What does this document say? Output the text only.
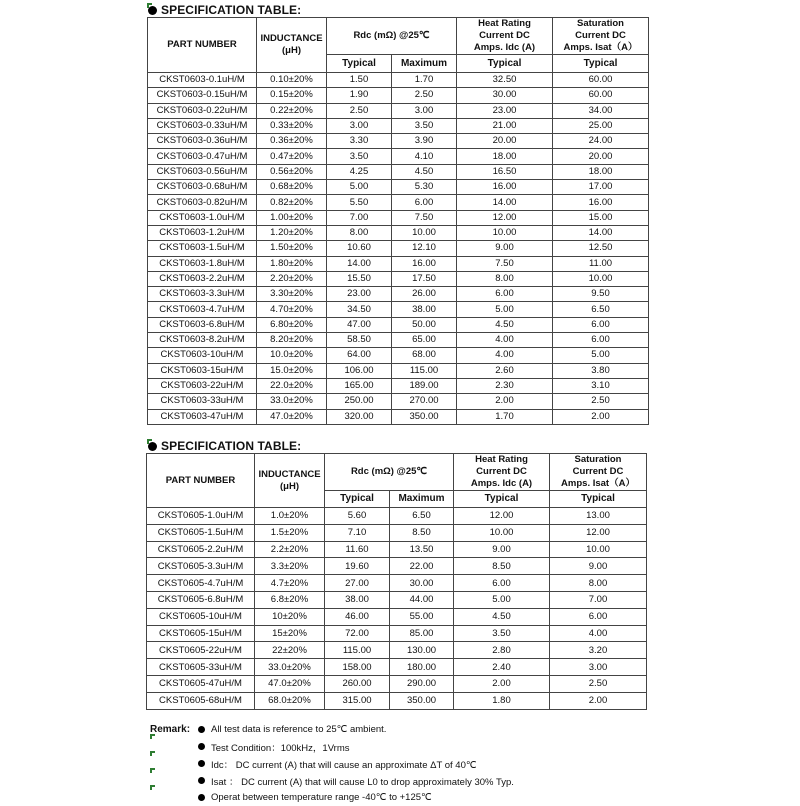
SPECIFICATION TABLE:
PART NUMBER	INDUCTANCE
(μH)	Rdc (mΩ) @25℃		Heat Rating
Current DC
Amps. Idc (A)	Saturation
Current DC
Amps. Isat（A）
		Typical	Maximum	Typical	Typical
CKST0603-0.1uH/M	0.10±20%	1.50	1.70	32.50	60.00
CKST0603-0.15uH/M	0.15±20%	1.90	2.50	30.00	60.00
CKST0603-0.22uH/M	0.22±20%	2.50	3.00	23.00	34.00
CKST0603-0.33uH/M	0.33±20%	3.00	3.50	21.00	25.00
CKST0603-0.36uH/M	0.36±20%	3.30	3.90	20.00	24.00
CKST0603-0.47uH/M	0.47±20%	3.50	4.10	18.00	20.00
CKST0603-0.56uH/M	0.56±20%	4.25	4.50	16.50	18.00
CKST0603-0.68uH/M	0.68±20%	5.00	5.30	16.00	17.00
CKST0603-0.82uH/M	0.82±20%	5.50	6.00	14.00	16.00
CKST0603-1.0uH/M	1.00±20%	7.00	7.50	12.00	15.00
CKST0603-1.2uH/M	1.20±20%	8.00	10.00	10.00	14.00
CKST0603-1.5uH/M	1.50±20%	10.60	12.10	9.00	12.50
CKST0603-1.8uH/M	1.80±20%	14.00	16.00	7.50	11.00
CKST0603-2.2uH/M	2.20±20%	15.50	17.50	8.00	10.00
CKST0603-3.3uH/M	3.30±20%	23.00	26.00	6.00	9.50
CKST0603-4.7uH/M	4.70±20%	34.50	38.00	5.00	6.50
CKST0603-6.8uH/M	6.80±20%	47.00	50.00	4.50	6.00
CKST0603-8.2uH/M	8.20±20%	58.50	65.00	4.00	6.00
CKST0603-10uH/M	10.0±20%	64.00	68.00	4.00	5.00
CKST0603-15uH/M	15.0±20%	106.00	115.00	2.60	3.80
CKST0603-22uH/M	22.0±20%	165.00	189.00	2.30	3.10
CKST0603-33uH/M	33.0±20%	250.00	270.00	2.00	2.50
CKST0603-47uH/M	47.0±20%	320.00	350.00	1.70	2.00
SPECIFICATION TABLE:
PART NUMBER	INDUCTANCE
(μH)	Rdc (mΩ) @25℃		Heat Rating
Current DC
Amps. Idc (A)	Saturation
Current DC
Amps. Isat（A）
		Typical	Maximum	Typical	Typical
CKST0605-1.0uH/M	1.0±20%	5.60	6.50	12.00	13.00
CKST0605-1.5uH/M	1.5±20%	7.10	8.50	10.00	12.00
CKST0605-2.2uH/M	2.2±20%	11.60	13.50	9.00	10.00
CKST0605-3.3uH/M	3.3±20%	19.60	22.00	8.50	9.00
CKST0605-4.7uH/M	4.7±20%	27.00	30.00	6.00	8.00
CKST0605-6.8uH/M	6.8±20%	38.00	44.00	5.00	7.00
CKST0605-10uH/M	10±20%	46.00	55.00	4.50	6.00
CKST0605-15uH/M	15±20%	72.00	85.00	3.50	4.00
CKST0605-22uH/M	22±20%	115.00	130.00	2.80	3.20
CKST0605-33uH/M	33.0±20%	158.00	180.00	2.40	3.00
CKST0605-47uH/M	47.0±20%	260.00	290.00	2.00	2.50
CKST0605-68uH/M	68.0±20%	315.00	350.00	1.80	2.00
Remark:	All test data is reference to 25℃ ambient.
Test Condition：100kHz，1Vrms
Idc： DC current (A) that will cause an approximate ΔT of 40℃
Isat ： DC current (A) that will cause L0 to drop approximately 30% Typ.
Operat between temperature range -40℃ to +125℃
